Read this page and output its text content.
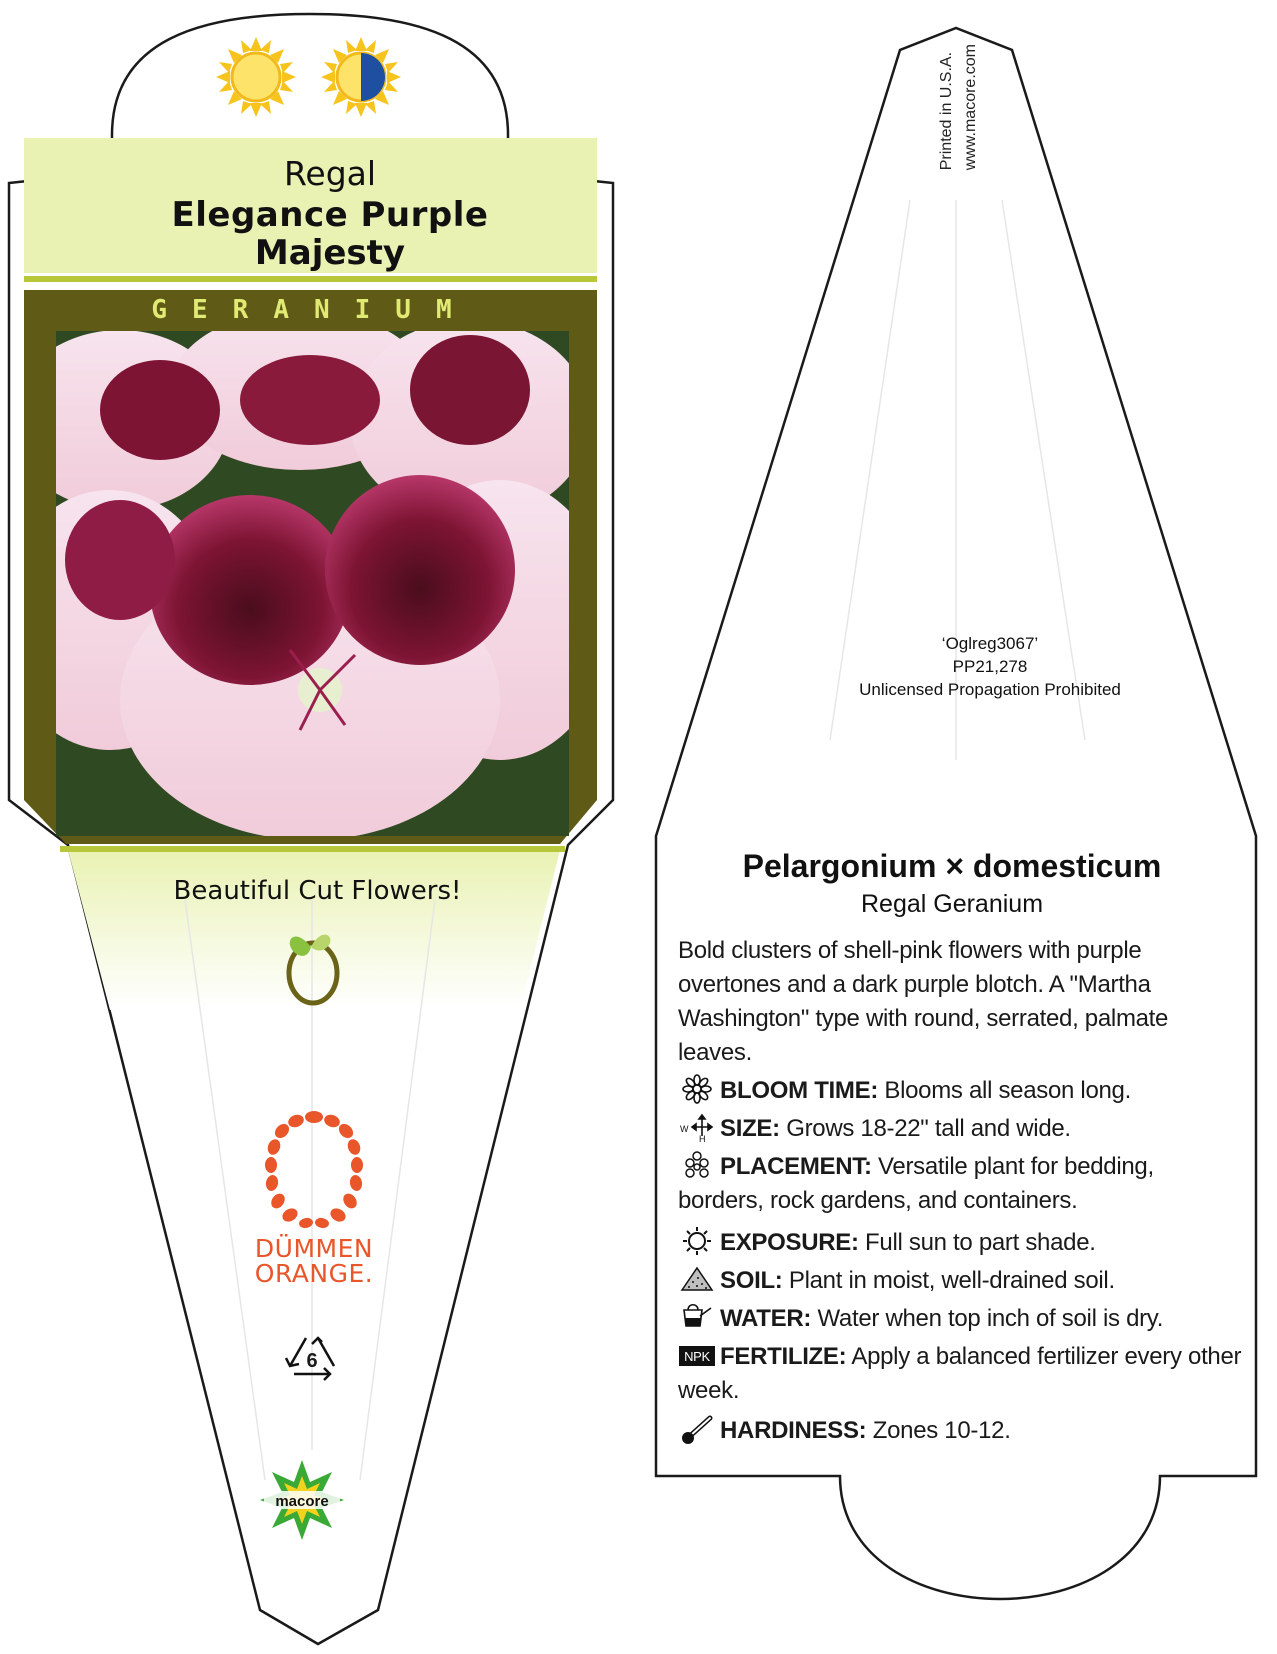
Regal
Elegance Purple
Majesty
GERANIUM
Beautiful Cut Flowers!
DÜMMEN
ORANGE.
6
macore
Printed in U.S.A. www.macore.com
‘Oglreg3067’
PP21,278
Unlicensed Propagation Prohibited
Pelargonium × domesticum
Regal Geranium
Bold clusters of shell-pink flowers with purple overtones and a dark purple blotch. A "Martha Washington" type with round, serrated, palmate leaves.
BLOOM TIME: Blooms all season long.
W
H SIZE: Grows 18-22" tall and wide.
PLACEMENT: Versatile plant for bedding, borders, rock gardens, and containers.
EXPOSURE: Full sun to part shade.
SOIL: Plant in moist, well-drained soil.
WATER: Water when top inch of soil is dry.
NPK FERTILIZE: Apply a balanced fertilizer every other week.
HARDINESS: Zones 10-12.
